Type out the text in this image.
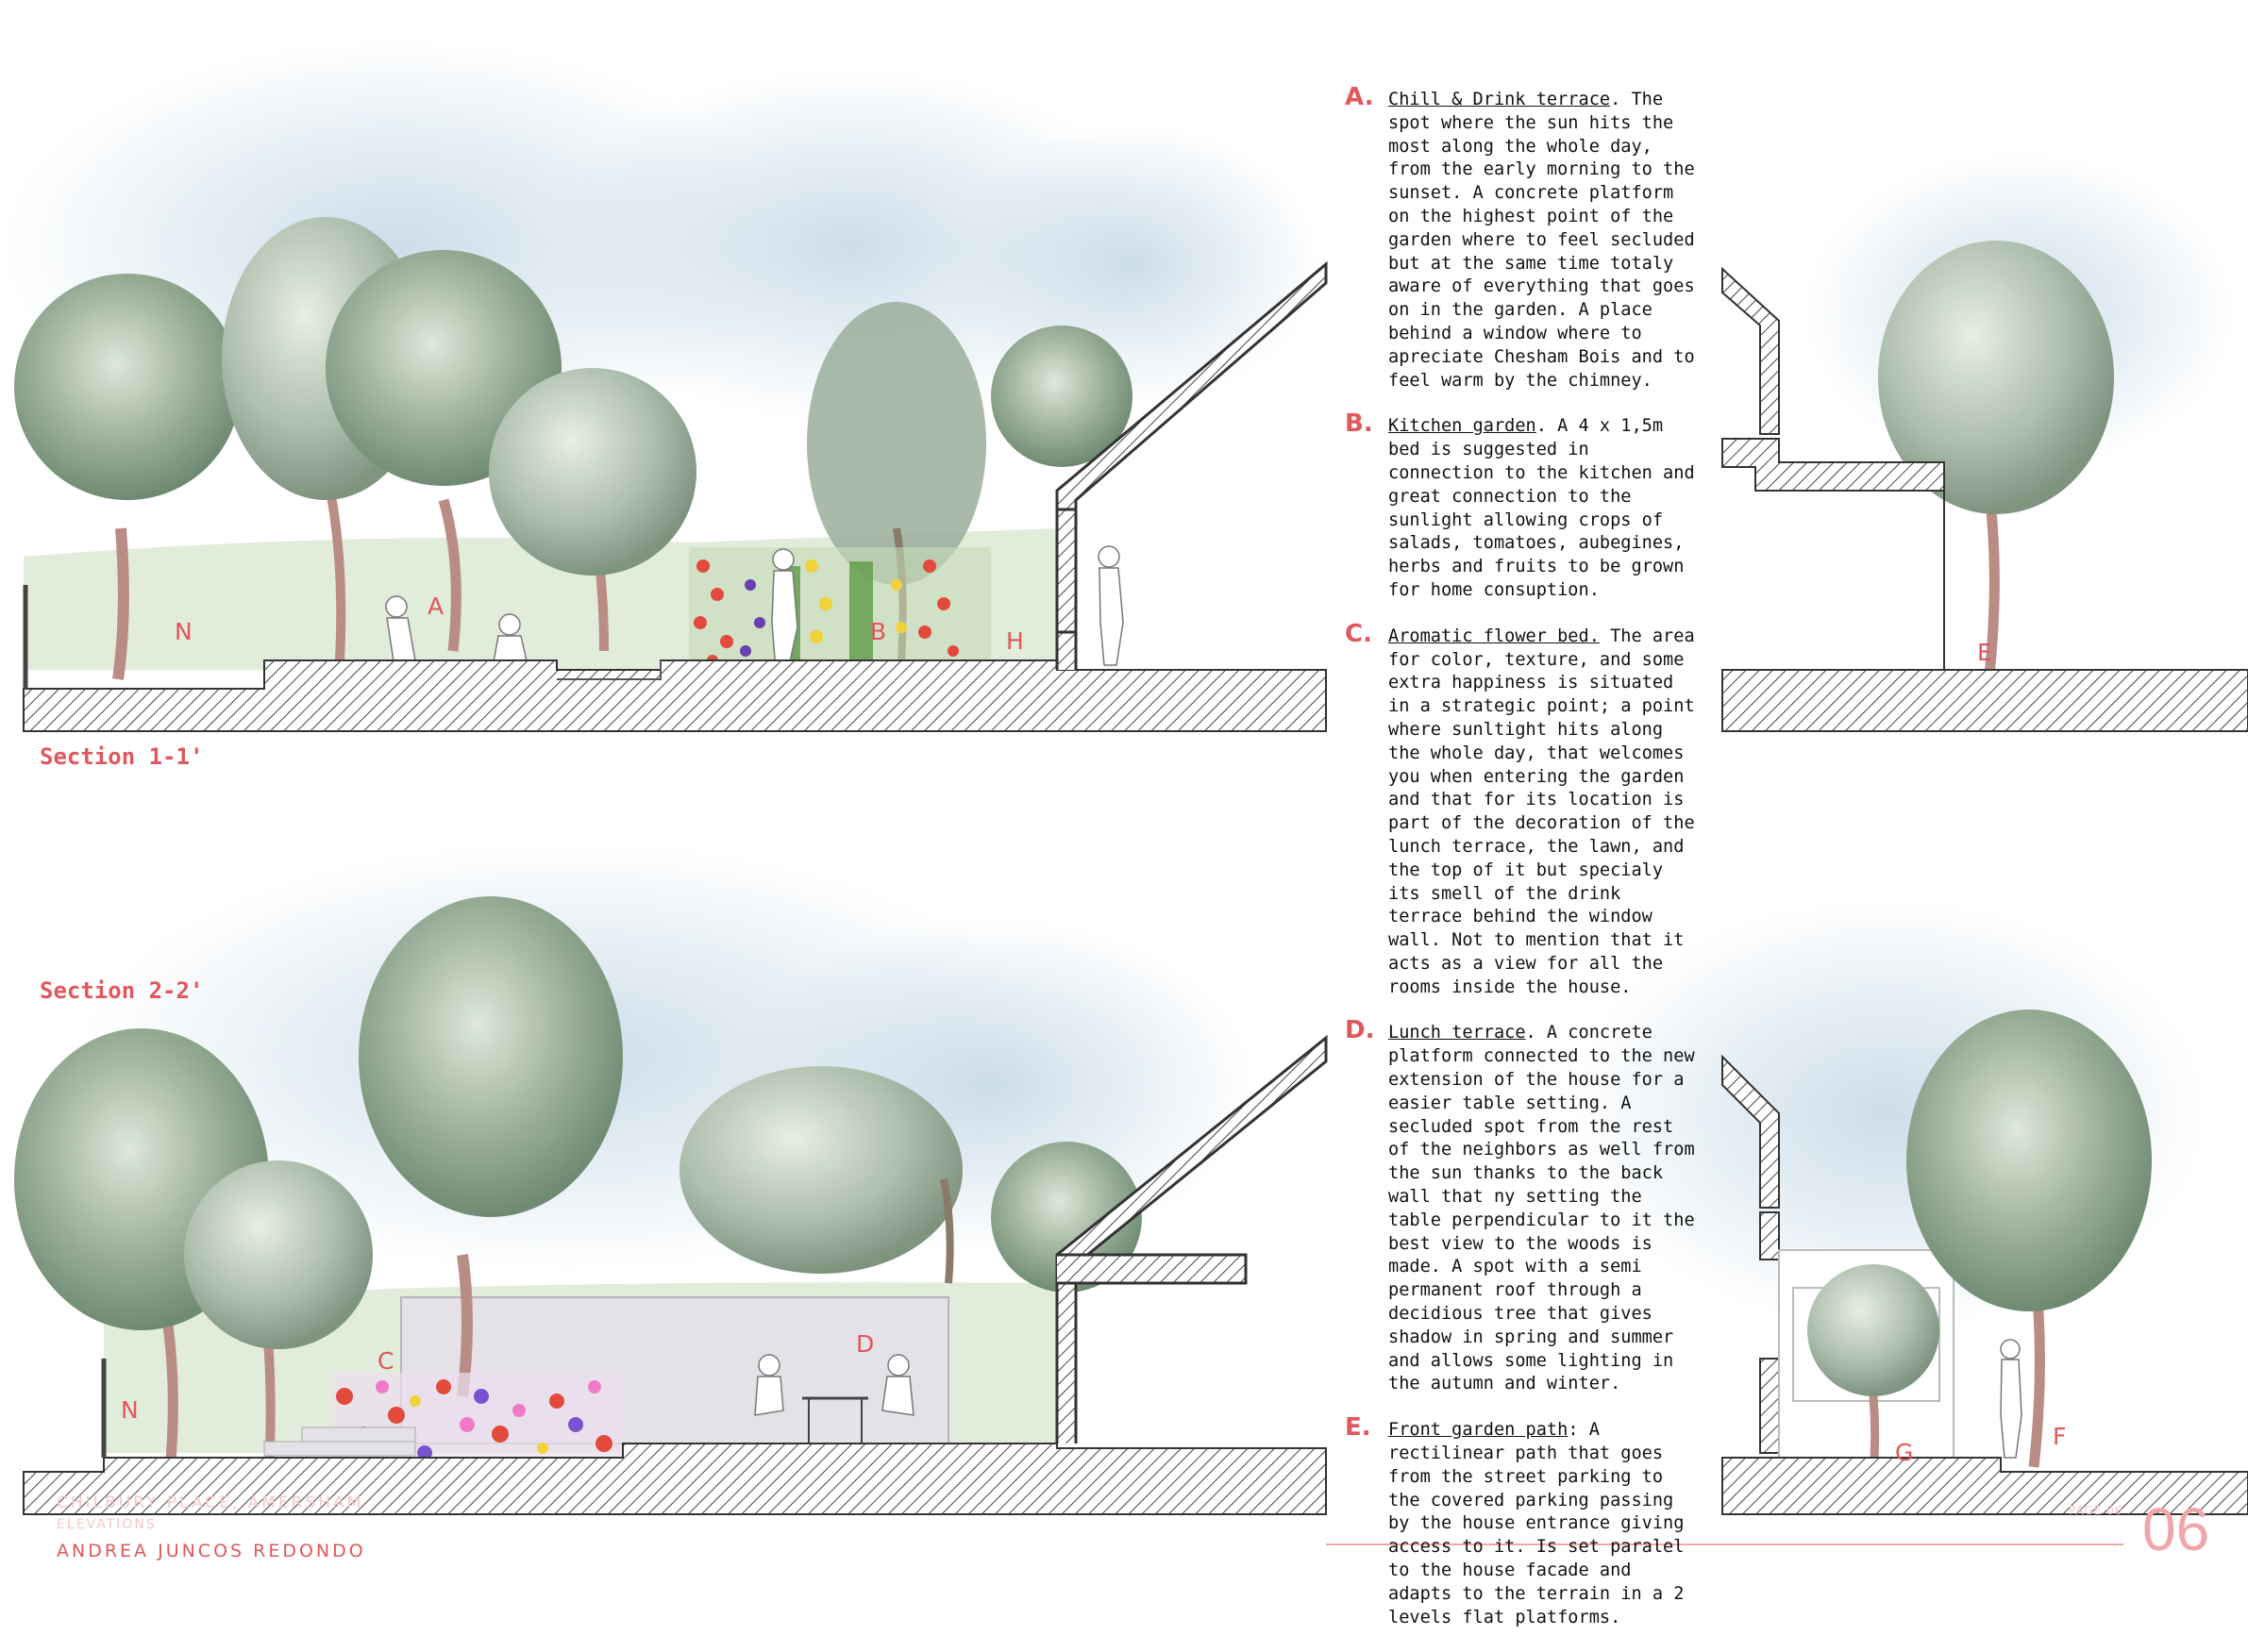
Section 1-1'
Section 2-2'
N
A
B	H	E
N
C
D
G
F
A. Chill & Drink terrace. The spot where the sun hits the most along the whole day, from the early morning to the sunset. A concrete platform on the highest point of the garden where to feel secluded but at the same time totaly aware of everything that goes on in the garden. A place behind a window where to apreciate Chesham Bois and to feel warm by the chimney.
B. Kitchen garden. A 4 x 1,5m bed is suggested in connection to the kitchen and great connection to the sunlight allowing crops of salads, tomatoes, aubegines, herbs and fruits to be grown for home consuption.
C. Aromatic flower bed. The area for color, texture, and some extra happiness is situated in a strategic point; a point where sunltight hits along the whole day, that welcomes you when entering the garden and that for its location is part of the decoration of the lunch terrace, the lawn, and the top of it but specialy its smell of the drink terrace behind the window wall. Not to mention that it acts as a view for all the rooms inside the house.
D. Lunch terrace. A concrete platform connected to the new extension of the house for a easier table setting. A secluded spot from the rest of the neighbors as well from the sun thanks to the back wall that ny setting the table perpendicular to it the best view to the woods is made. A spot with a semi permanent roof through a decidious tree that gives shadow in spring and summer and allows some lighting in the autumn and winter.
E. Front garden path: A rectilinear path that goes from the street parking to the covered parking passing by the house entrance giving access to it. Is set paralel to the house facade and adapts to the terrain in a 2 levels flat platforms.
CHILBURY PLACE, AMERSHAM
ELEVATIONS
ANDREA JUNCOS REDONDO
PAGE 06 06
